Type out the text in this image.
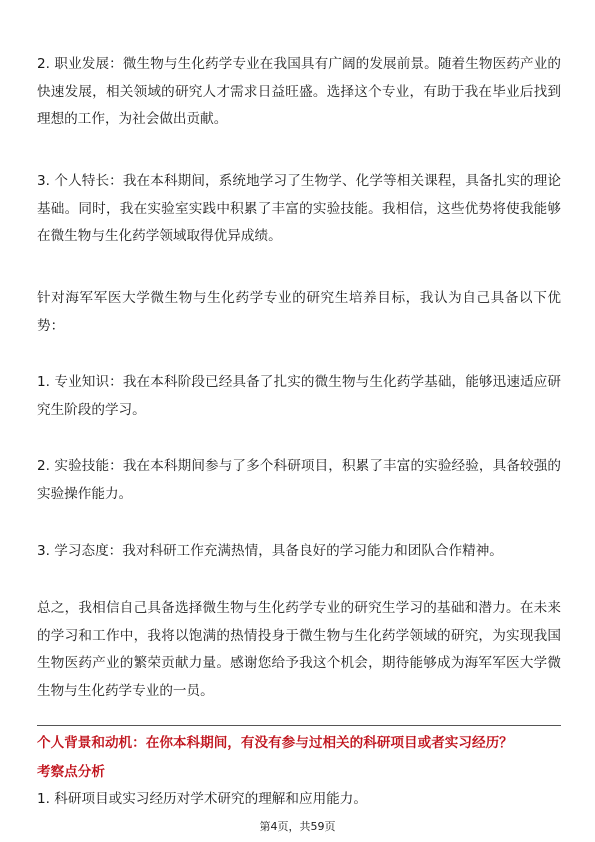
2. 职业发展：微生物与生化药学专业在我国具有广阔的发展前景。随着生物医药产业的快速发展，相关领域的研究人才需求日益旺盛。选择这个专业，有助于我在毕业后找到理想的工作，为社会做出贡献。

3. 个人特长：我在本科期间，系统地学习了生物学、化学等相关课程，具备扎实的理论基础。同时，我在实验室实践中积累了丰富的实验技能。我相信，这些优势将使我能够在微生物与生化药学领域取得优异成绩。

针对海军军医大学微生物与生化药学专业的研究生培养目标，我认为自己具备以下优势：

1. 专业知识：我在本科阶段已经具备了扎实的微生物与生化药学基础，能够迅速适应研究生阶段的学习。

2. 实验技能：我在本科期间参与了多个科研项目，积累了丰富的实验经验，具备较强的实验操作能力。

3. 学习态度：我对科研工作充满热情，具备良好的学习能力和团队合作精神。

总之，我相信自己具备选择微生物与生化药学专业的研究生学习的基础和潜力。在未来的学习和工作中，我将以饱满的热情投身于微生物与生化药学领域的研究，为实现我国生物医药产业的繁荣贡献力量。感谢您给予我这个机会，期待能够成为海军军医大学微生物与生化药学专业的一员。

个人背景和动机：在你本科期间，有没有参与过相关的科研项目或者实习经历？

考察点分析

1. 科研项目或实习经历对学术研究的理解和应用能力。

第4页，共59页
